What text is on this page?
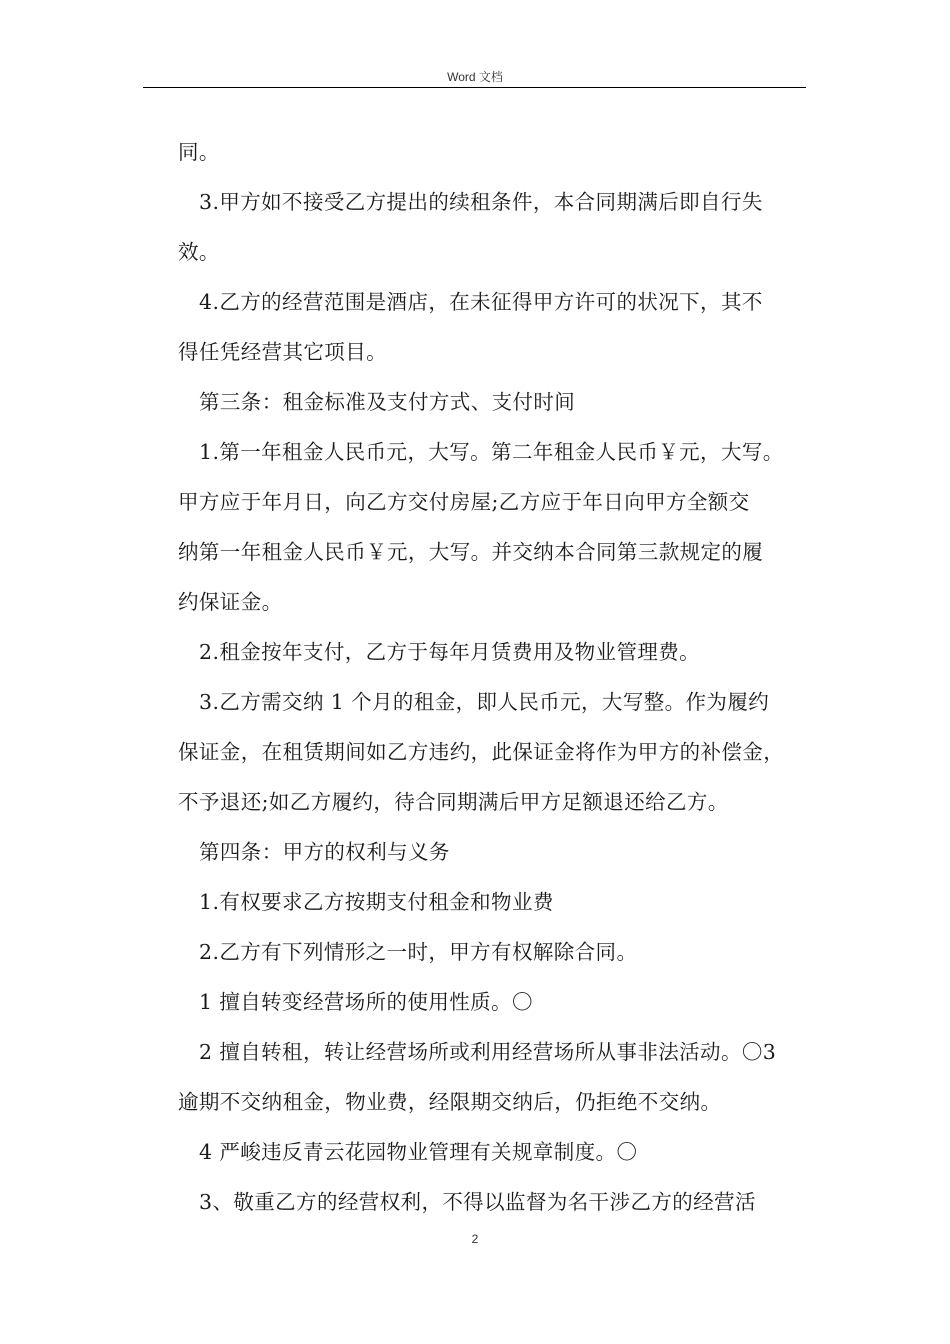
Word 文档
同。
3.甲方如不接受乙方提出的续租条件，本合同期满后即自行失
效。
4.乙方的经营范围是酒店，在未征得甲方许可的状况下，其不
得任凭经营其它项目。
第三条：租金标准及支付方式、支付时间
1.第一年租金人民币元，大写。第二年租金人民币￥元，大写。
甲方应于年月日，向乙方交付房屋;乙方应于年日向甲方全额交
纳第一年租金人民币￥元，大写。并交纳本合同第三款规定的履
约保证金。
2.租金按年支付，乙方于每年月赁费用及物业管理费。
3.乙方需交纳 1 个月的租金，即人民币元，大写整。作为履约
保证金，在租赁期间如乙方违约，此保证金将作为甲方的补偿金，
不予退还;如乙方履约，待合同期满后甲方足额退还给乙方。
第四条：甲方的权利与义务
1.有权要求乙方按期支付租金和物业费
2.乙方有下列情形之一时，甲方有权解除合同。
1 擅自转变经营场所的使用性质。〇
2 擅自转租，转让经营场所或利用经营场所从事非法活动。〇3
逾期不交纳租金，物业费，经限期交纳后，仍拒绝不交纳。
4 严峻违反青云花园物业管理有关规章制度。〇
3、敬重乙方的经营权利，不得以监督为名干涉乙方的经营活
2
